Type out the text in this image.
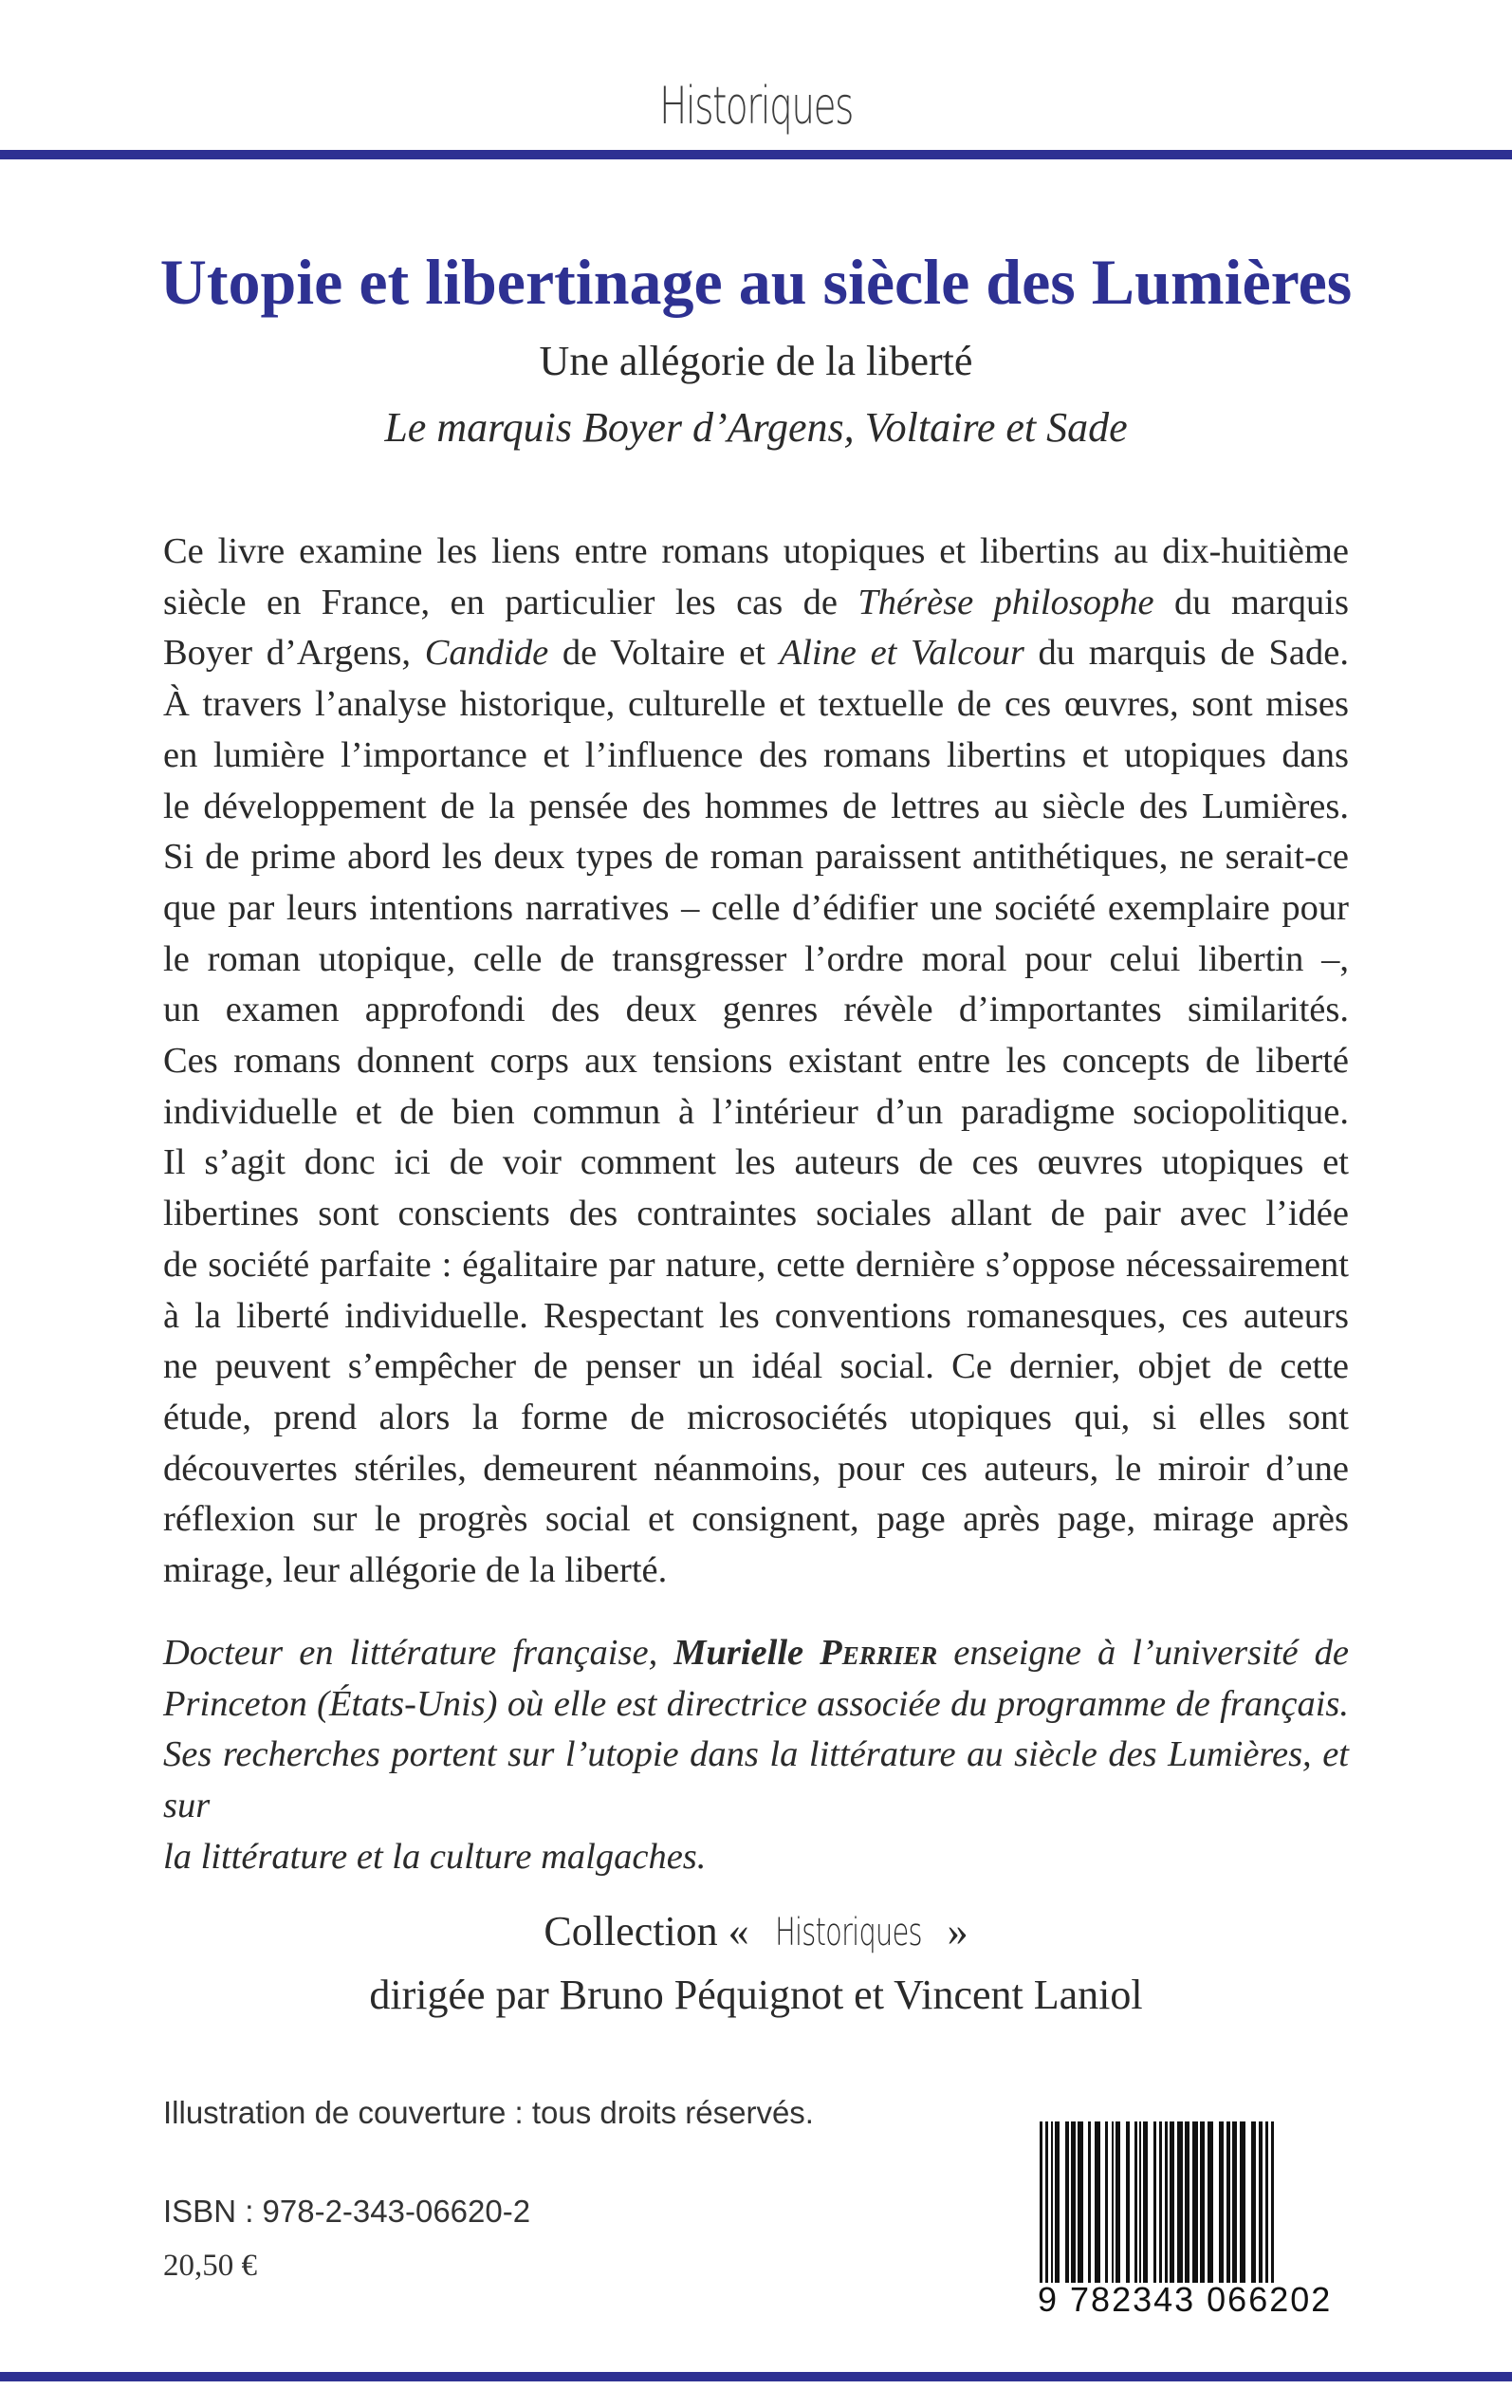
Historiques
Utopie et libertinage au siècle des Lumières
Une allégorie de la liberté
Le marquis Boyer d’Argens, Voltaire et Sade
Ce livre examine les liens entre romans utopiques et libertins au dix-huitième
siècle en France, en particulier les cas de Thérèse philosophe du marquis
Boyer d’Argens, Candide de Voltaire et Aline et Valcour du marquis de Sade.
À travers l’analyse historique, culturelle et textuelle de ces œuvres, sont mises
en lumière l’importance et l’influence des romans libertins et utopiques dans
le développement de la pensée des hommes de lettres au siècle des Lumières.
Si de prime abord les deux types de roman paraissent antithétiques, ne serait-ce
que par leurs intentions narratives – celle d’édifier une société exemplaire pour
le roman utopique, celle de transgresser l’ordre moral pour celui libertin –,
un examen approfondi des deux genres révèle d’importantes similarités.
Ces romans donnent corps aux tensions existant entre les concepts de liberté
individuelle et de bien commun à l’intérieur d’un paradigme sociopolitique.
Il s’agit donc ici de voir comment les auteurs de ces œuvres utopiques et
libertines sont conscients des contraintes sociales allant de pair avec l’idée
de société parfaite : égalitaire par nature, cette dernière s’oppose nécessairement
à la liberté individuelle. Respectant les conventions romanesques, ces auteurs
ne peuvent s’empêcher de penser un idéal social. Ce dernier, objet de cette
étude, prend alors la forme de microsociétés utopiques qui, si elles sont
découvertes stériles, demeurent néanmoins, pour ces auteurs, le miroir d’une
réflexion sur le progrès social et consignent, page après page, mirage après
mirage, leur allégorie de la liberté.
Docteur en littérature française, Murielle Perrier enseigne à l’université de
Princeton (États-Unis) où elle est directrice associée du programme de français.
Ses recherches portent sur l’utopie dans la littérature au siècle des Lumières, et sur
la littérature et la culture malgaches.
Collection « Historiques »
dirigée par Bruno Péquignot et Vincent Laniol
Illustration de couverture : tous droits réservés.
ISBN : 978-2-343-06620-2
20,50 €
9 782343 066202
